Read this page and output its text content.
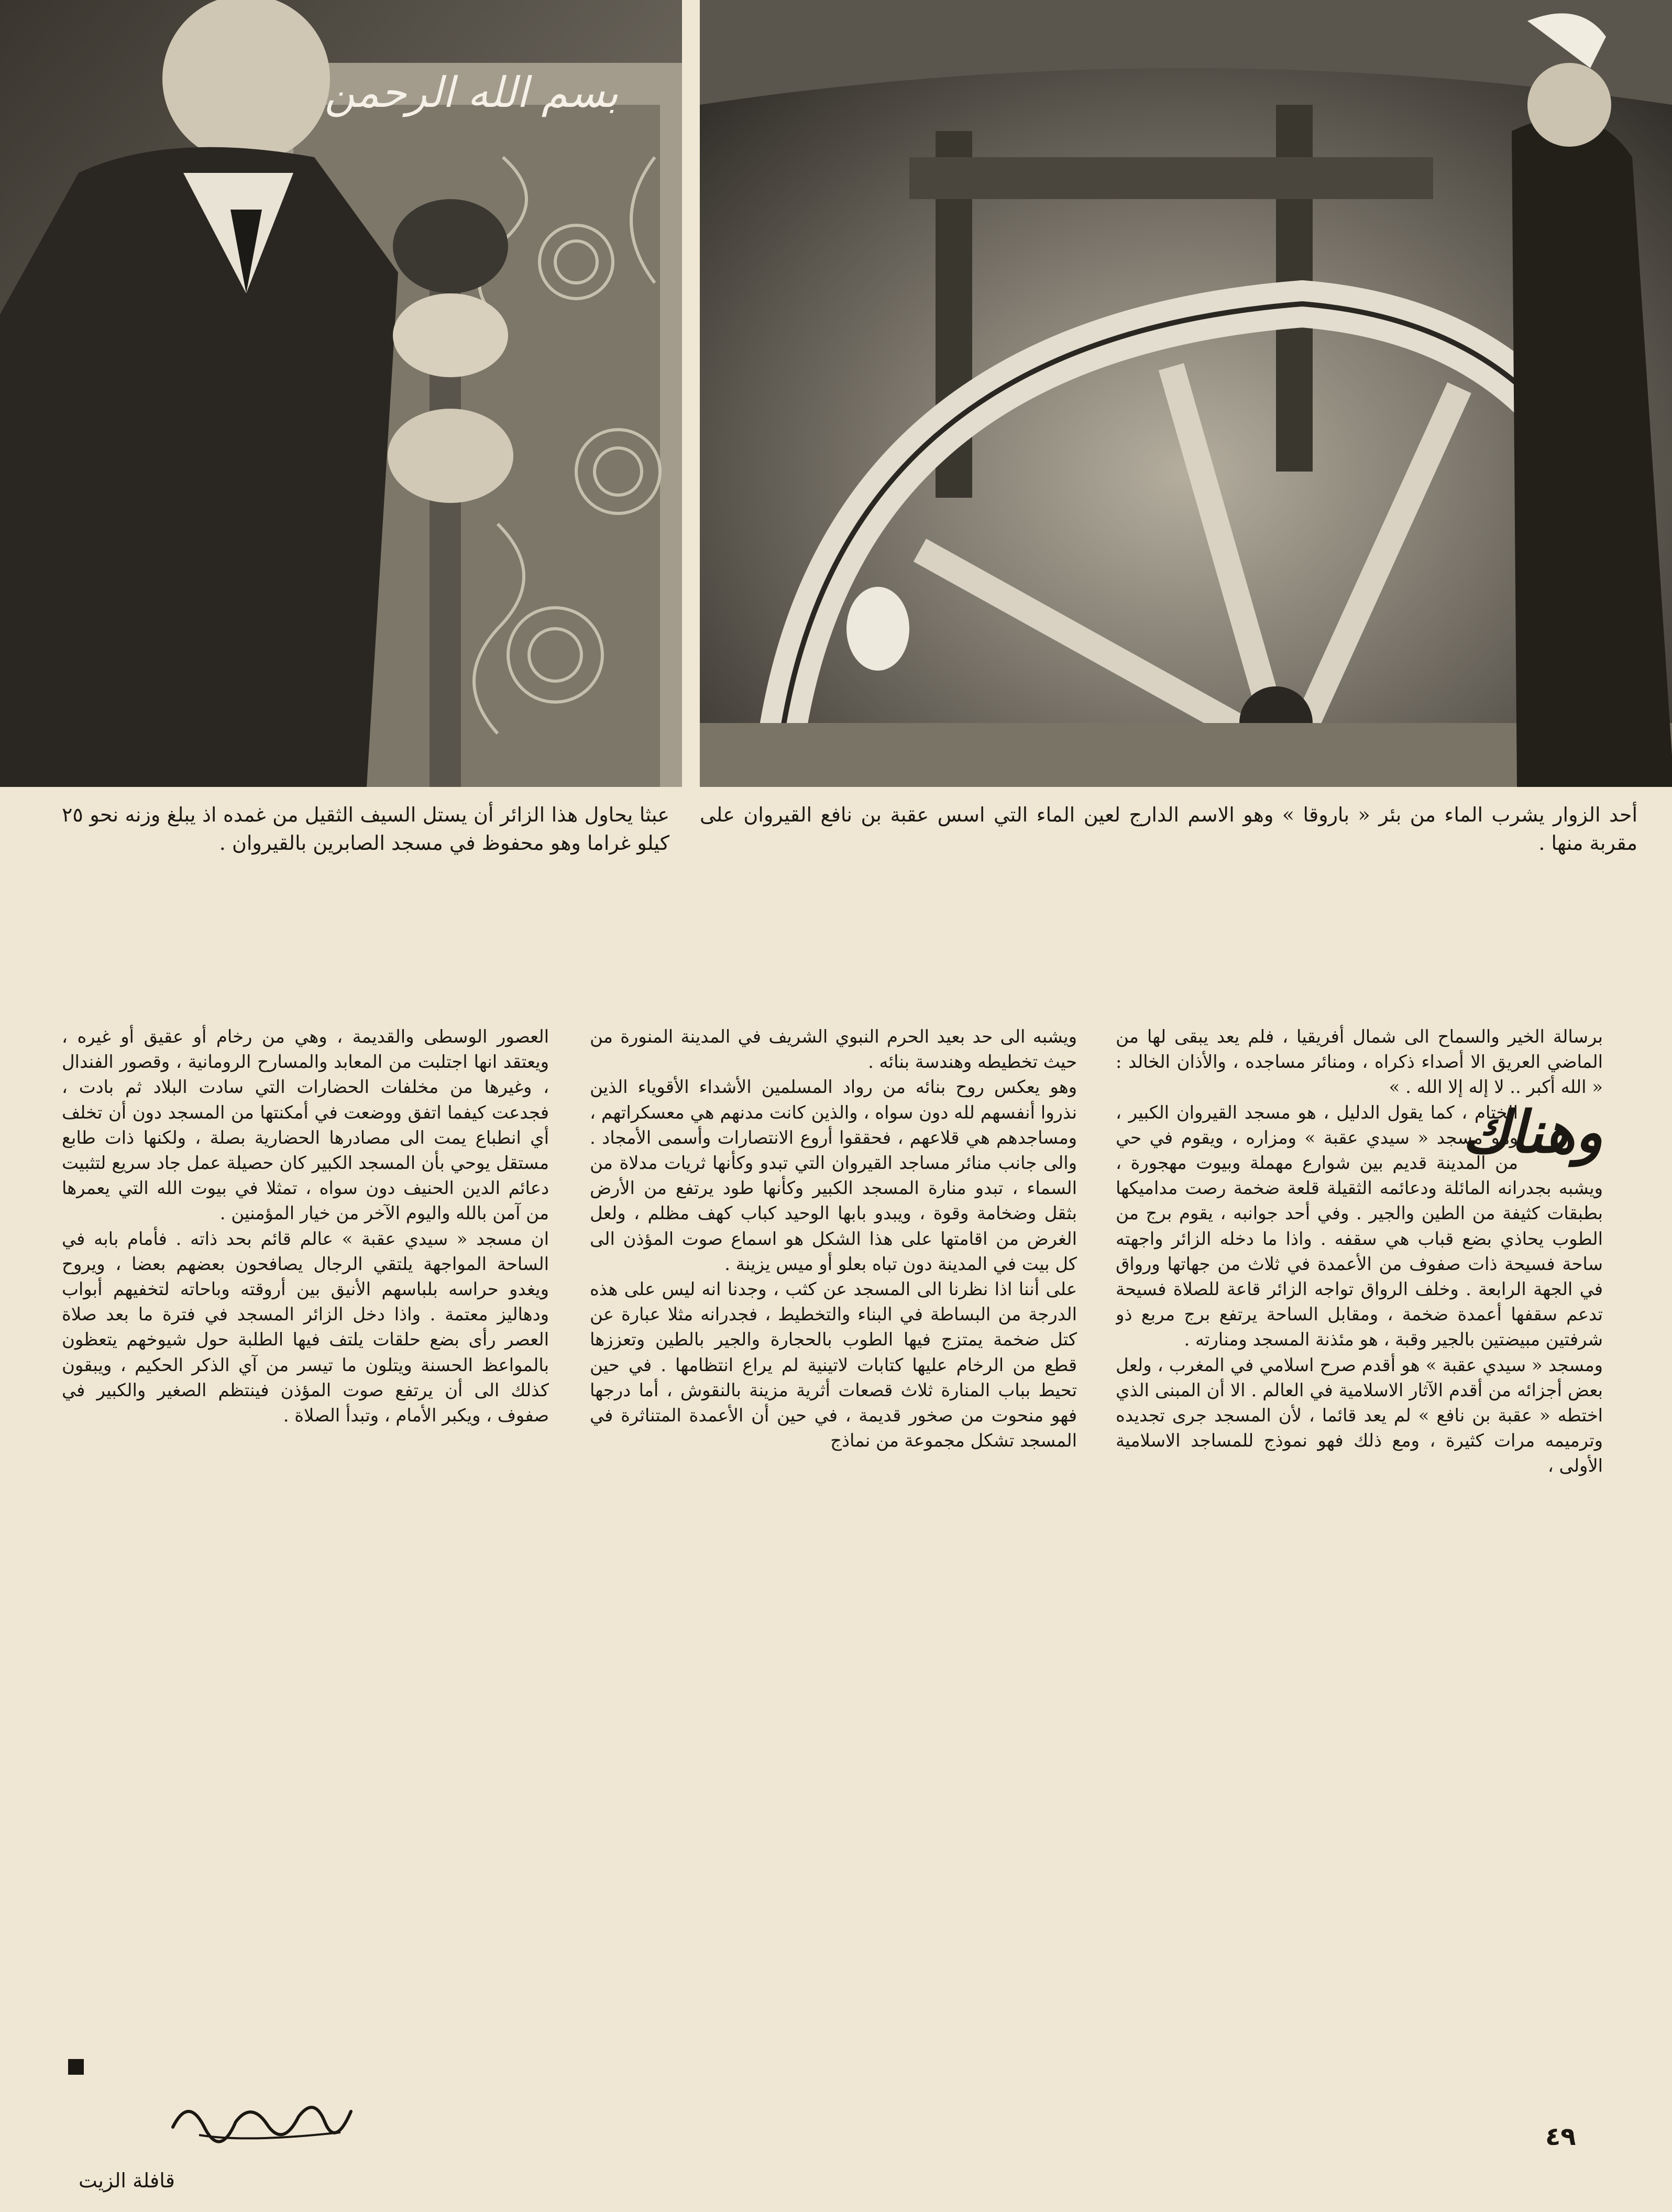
بسم الله الرحمن
عبثا يحاول هذا الزائر أن يستل السيف الثقيل من غمده اذ يبلغ وزنه نحو ٢٥ كيلو غراما وهو محفوظ في مسجد الصابرين بالقيروان .
أحد الزوار يشرب الماء من بئر « باروقا » وهو الاسم الدارج لعين الماء التي اسس عقبة بن نافع القيروان على مقربة منها .

برسالة الخير والسماح الى شمال أفريقيا ، فلم يعد يبقى لها من الماضي العريق الا أصداء ذكراه ، ومنائر مساجده ، والأذان الخالد : « الله أكبر .. لا إله إلا الله . »

وهناك
الختام ، كما يقول الدليل ، هو مسجد القيروان الكبير ، وهو مسجد « سيدي عقبة » ومزاره ، ويقوم في حي من المدينة قديم بين شوارع مهملة وبيوت مهجورة ، ويشبه بجدرانه المائلة ودعائمه الثقيلة قلعة ضخمة رصت مداميكها بطبقات كثيفة من الطين والجير . وفي أحد جوانبه ، يقوم برج من الطوب يحاذي بضع قباب هي سقفه . واذا ما دخله الزائر واجهته ساحة فسيحة ذات صفوف من الأعمدة في ثلاث من جهاتها ورواق في الجهة الرابعة . وخلف الرواق تواجه الزائر قاعة للصلاة فسيحة تدعم سقفها أعمدة ضخمة ، ومقابل الساحة يرتفع برج مربع ذو شرفتين مبيضتين بالجير وقبة ، هو مئذنة المسجد ومنارته .

ومسجد « سيدي عقبة » هو أقدم صرح اسلامي في المغرب ، ولعل بعض أجزائه من أقدم الآثار الاسلامية في العالم . الا أن المبنى الذي اختطه « عقبة بن نافع » لم يعد قائما ، لأن المسجد جرى تجديده وترميمه مرات كثيرة ، ومع ذلك فهو نموذج للمساجد الاسلامية الأولى ،

ويشبه الى حد بعيد الحرم النبوي الشريف في المدينة المنورة من حيث تخطيطه وهندسة بنائه .

وهو يعكس روح بنائه من رواد المسلمين الأشداء الأقوياء الذين نذروا أنفسهم لله دون سواه ، والذين كانت مدنهم هي معسكراتهم ، ومساجدهم هي قلاعهم ، فحققوا أروع الانتصارات وأسمى الأمجاد . والى جانب منائر مساجد القيروان التي تبدو وكأنها ثريات مدلاة من السماء ، تبدو منارة المسجد الكبير وكأنها طود يرتفع من الأرض بثقل وضخامة وقوة ، ويبدو بابها الوحيد كباب كهف مظلم ، ولعل الغرض من اقامتها على هذا الشكل هو اسماع صوت المؤذن الى كل بيت في المدينة دون تباه بعلو أو ميس يزينة .

على أننا اذا نظرنا الى المسجد عن كثب ، وجدنا انه ليس على هذه الدرجة من البساطة في البناء والتخطيط ، فجدرانه مثلا عبارة عن كتل ضخمة يمتزج فيها الطوب بالحجارة والجير بالطين وتعززها قطع من الرخام عليها كتابات لاتينية لم يراع انتظامها . في حين تحيط بباب المنارة ثلاث قصعات أثرية مزينة بالنقوش ، أما درجها فهو منحوت من صخور قديمة ، في حين أن الأعمدة المتناثرة في المسجد تشكل مجموعة من نماذج

العصور الوسطى والقديمة ، وهي من رخام أو عقيق أو غيره ، ويعتقد انها اجتلبت من المعابد والمسارح الرومانية ، وقصور الفندال ، وغيرها من مخلفات الحضارات التي سادت البلاد ثم بادت ، فجدعت كيفما اتفق ووضعت في أمكنتها من المسجد دون أن تخلف أي انطباع يمت الى مصادرها الحضارية بصلة ، ولكنها ذات طابع مستقل يوحي بأن المسجد الكبير كان حصيلة عمل جاد سريع لتثبيت دعائم الدين الحنيف دون سواه ، تمثلا في بيوت الله التي يعمرها من آمن بالله واليوم الآخر من خيار المؤمنين .

ان مسجد « سيدي عقبة » عالم قائم بحد ذاته . فأمام بابه في الساحة المواجهة يلتقي الرجال يصافحون بعضهم بعضا ، ويروح ويغدو حراسه بلباسهم الأنيق بين أروقته وباحاته لتخفيهم أبواب ودهاليز معتمة . واذا دخل الزائر المسجد في فترة ما بعد صلاة العصر رأى بضع حلقات يلتف فيها الطلبة حول شيوخهم يتعظون بالمواعظ الحسنة ويتلون ما تيسر من آي الذكر الحكيم ، ويبقون كذلك الى أن يرتفع صوت المؤذن فينتظم الصغير والكبير في صفوف ، ويكبر الأمام ، وتبدأ الصلاة .

٤٩
قافلة الزيت
